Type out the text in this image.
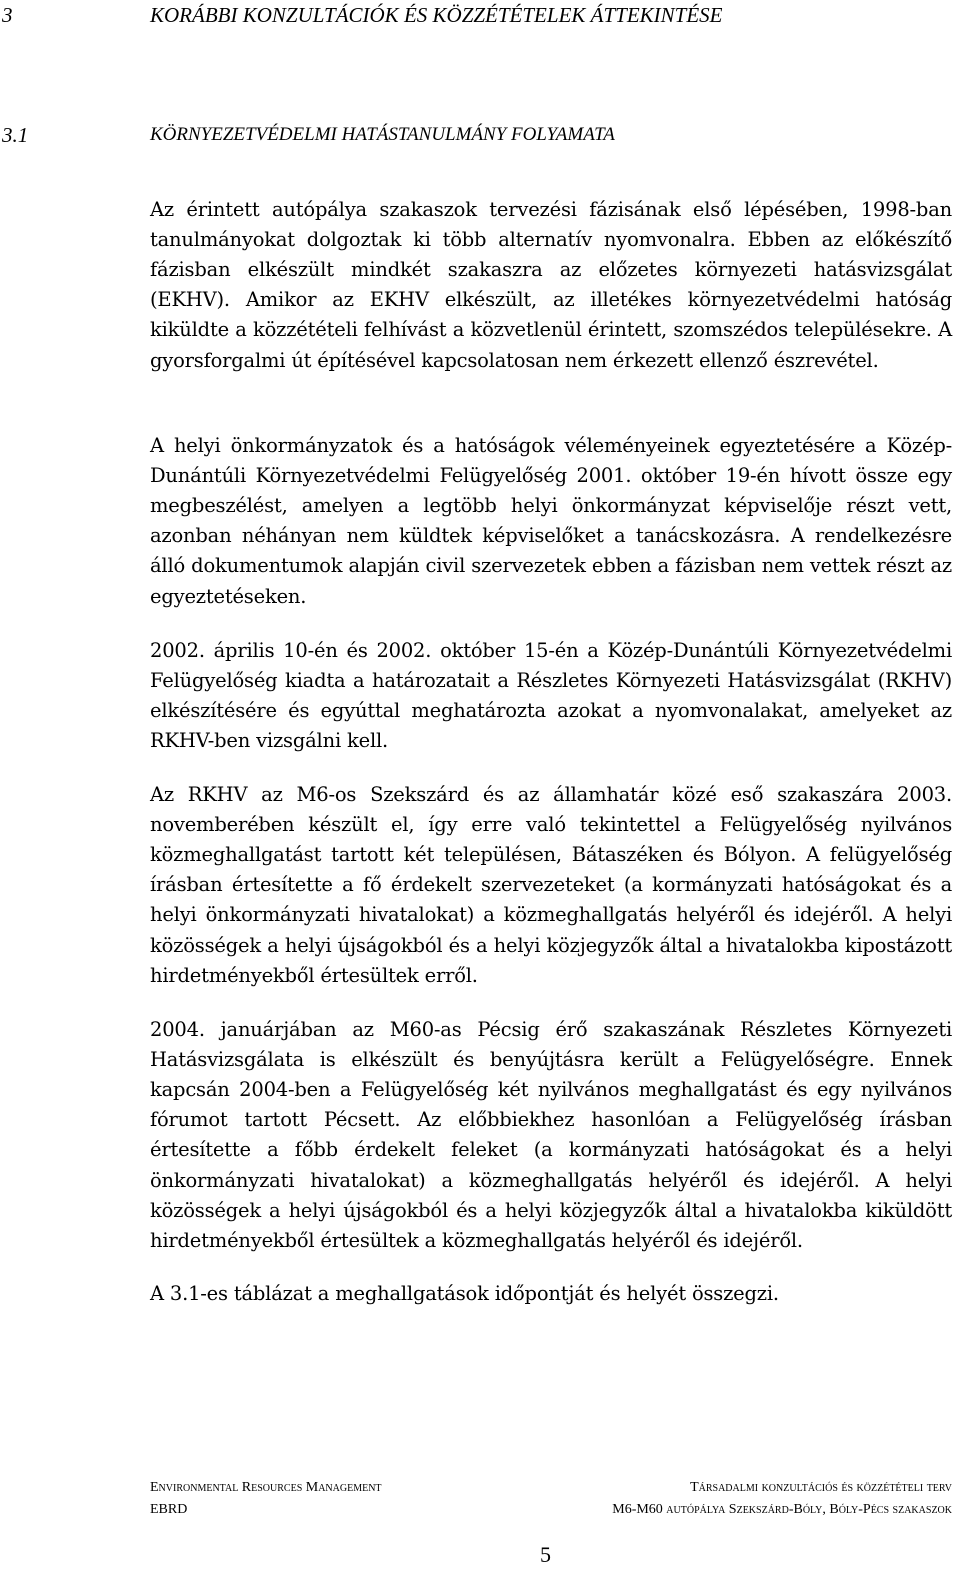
3	KORÁBBI KONZULTÁCIÓK ÉS KÖZZÉTÉTELEK ÁTTEKINTÉSE
3.1	KÖRNYEZETVÉDELMI HATÁSTANULMÁNY FOLYAMATA

Az érintett autópálya szakaszok tervezési fázisának első lépésében, 1998-ban tanulmányokat dolgoztak ki több alternatív nyomvonalra. Ebben az előkészítő fázisban elkészült mindkét szakaszra az előzetes környezeti hatásvizsgálat (EKHV). Amikor az EKHV elkészült, az illetékes környezetvédelmi hatóság kiküldte a közzétételi felhívást a közvetlenül érintett, szomszédos településekre. A gyorsforgalmi út építésével kapcsolatosan nem érkezett ellenző észrevétel.

A helyi önkormányzatok és a hatóságok véleményeinek egyeztetésére a Közép-Dunántúli Környezetvédelmi Felügyelőség 2001. október 19-én hívott össze egy megbeszélést, amelyen a legtöbb helyi önkormányzat képviselője részt vett, azonban néhányan nem küldtek képviselőket a tanácskozásra. A rendelkezésre álló dokumentumok alapján civil szervezetek ebben a fázisban nem vettek részt az egyeztetéseken.

2002. április 10-én és 2002. október 15-én a Közép-Dunántúli Környezetvédelmi Felügyelőség kiadta a határozatait a Részletes Környezeti Hatásvizsgálat (RKHV) elkészítésére és egyúttal meghatározta azokat a nyomvonalakat, amelyeket az RKHV-ben vizsgálni kell.

Az RKHV az M6-os Szekszárd és az államhatár közé eső szakaszára 2003. novemberében készült el, így erre való tekintettel a Felügyelőség nyilvános közmeghallgatást tartott két településen, Bátaszéken és Bólyon. A felügyelőség írásban értesítette a fő érdekelt szervezeteket (a kormányzati hatóságokat és a helyi önkormányzati hivatalokat) a közmeghallgatás helyéről és idejéről. A helyi közösségek a helyi újságokból és a helyi közjegyzők által a hivatalokba kipostázott hirdetményekből értesültek erről.

2004. januárjában az M60-as Pécsig érő szakaszának Részletes Környezeti Hatásvizsgálata is elkészült és benyújtásra került a Felügyelőségre. Ennek kapcsán 2004-ben a Felügyelőség két nyilvános meghallgatást és egy nyilvános fórumot tartott Pécsett. Az előbbiekhez hasonlóan a Felügyelőség írásban értesítette a főbb érdekelt feleket (a kormányzati hatóságokat és a helyi önkormányzati hivatalokat) a közmeghallgatás helyéről és idejéről. A helyi közösségek a helyi újságokból és a helyi közjegyzők által a hivatalokba kiküldött hirdetményekből értesültek a közmeghallgatás helyéről és idejéről.

A 3.1-es táblázat a meghallgatások időpontját és helyét összegzi.

Environmental Resources Management
EBRD
Társadalmi konzultációs és közzétételi terv
M6-M60 autópálya Szekszárd-Bóly, Bóly-Pécs szakaszok
5
